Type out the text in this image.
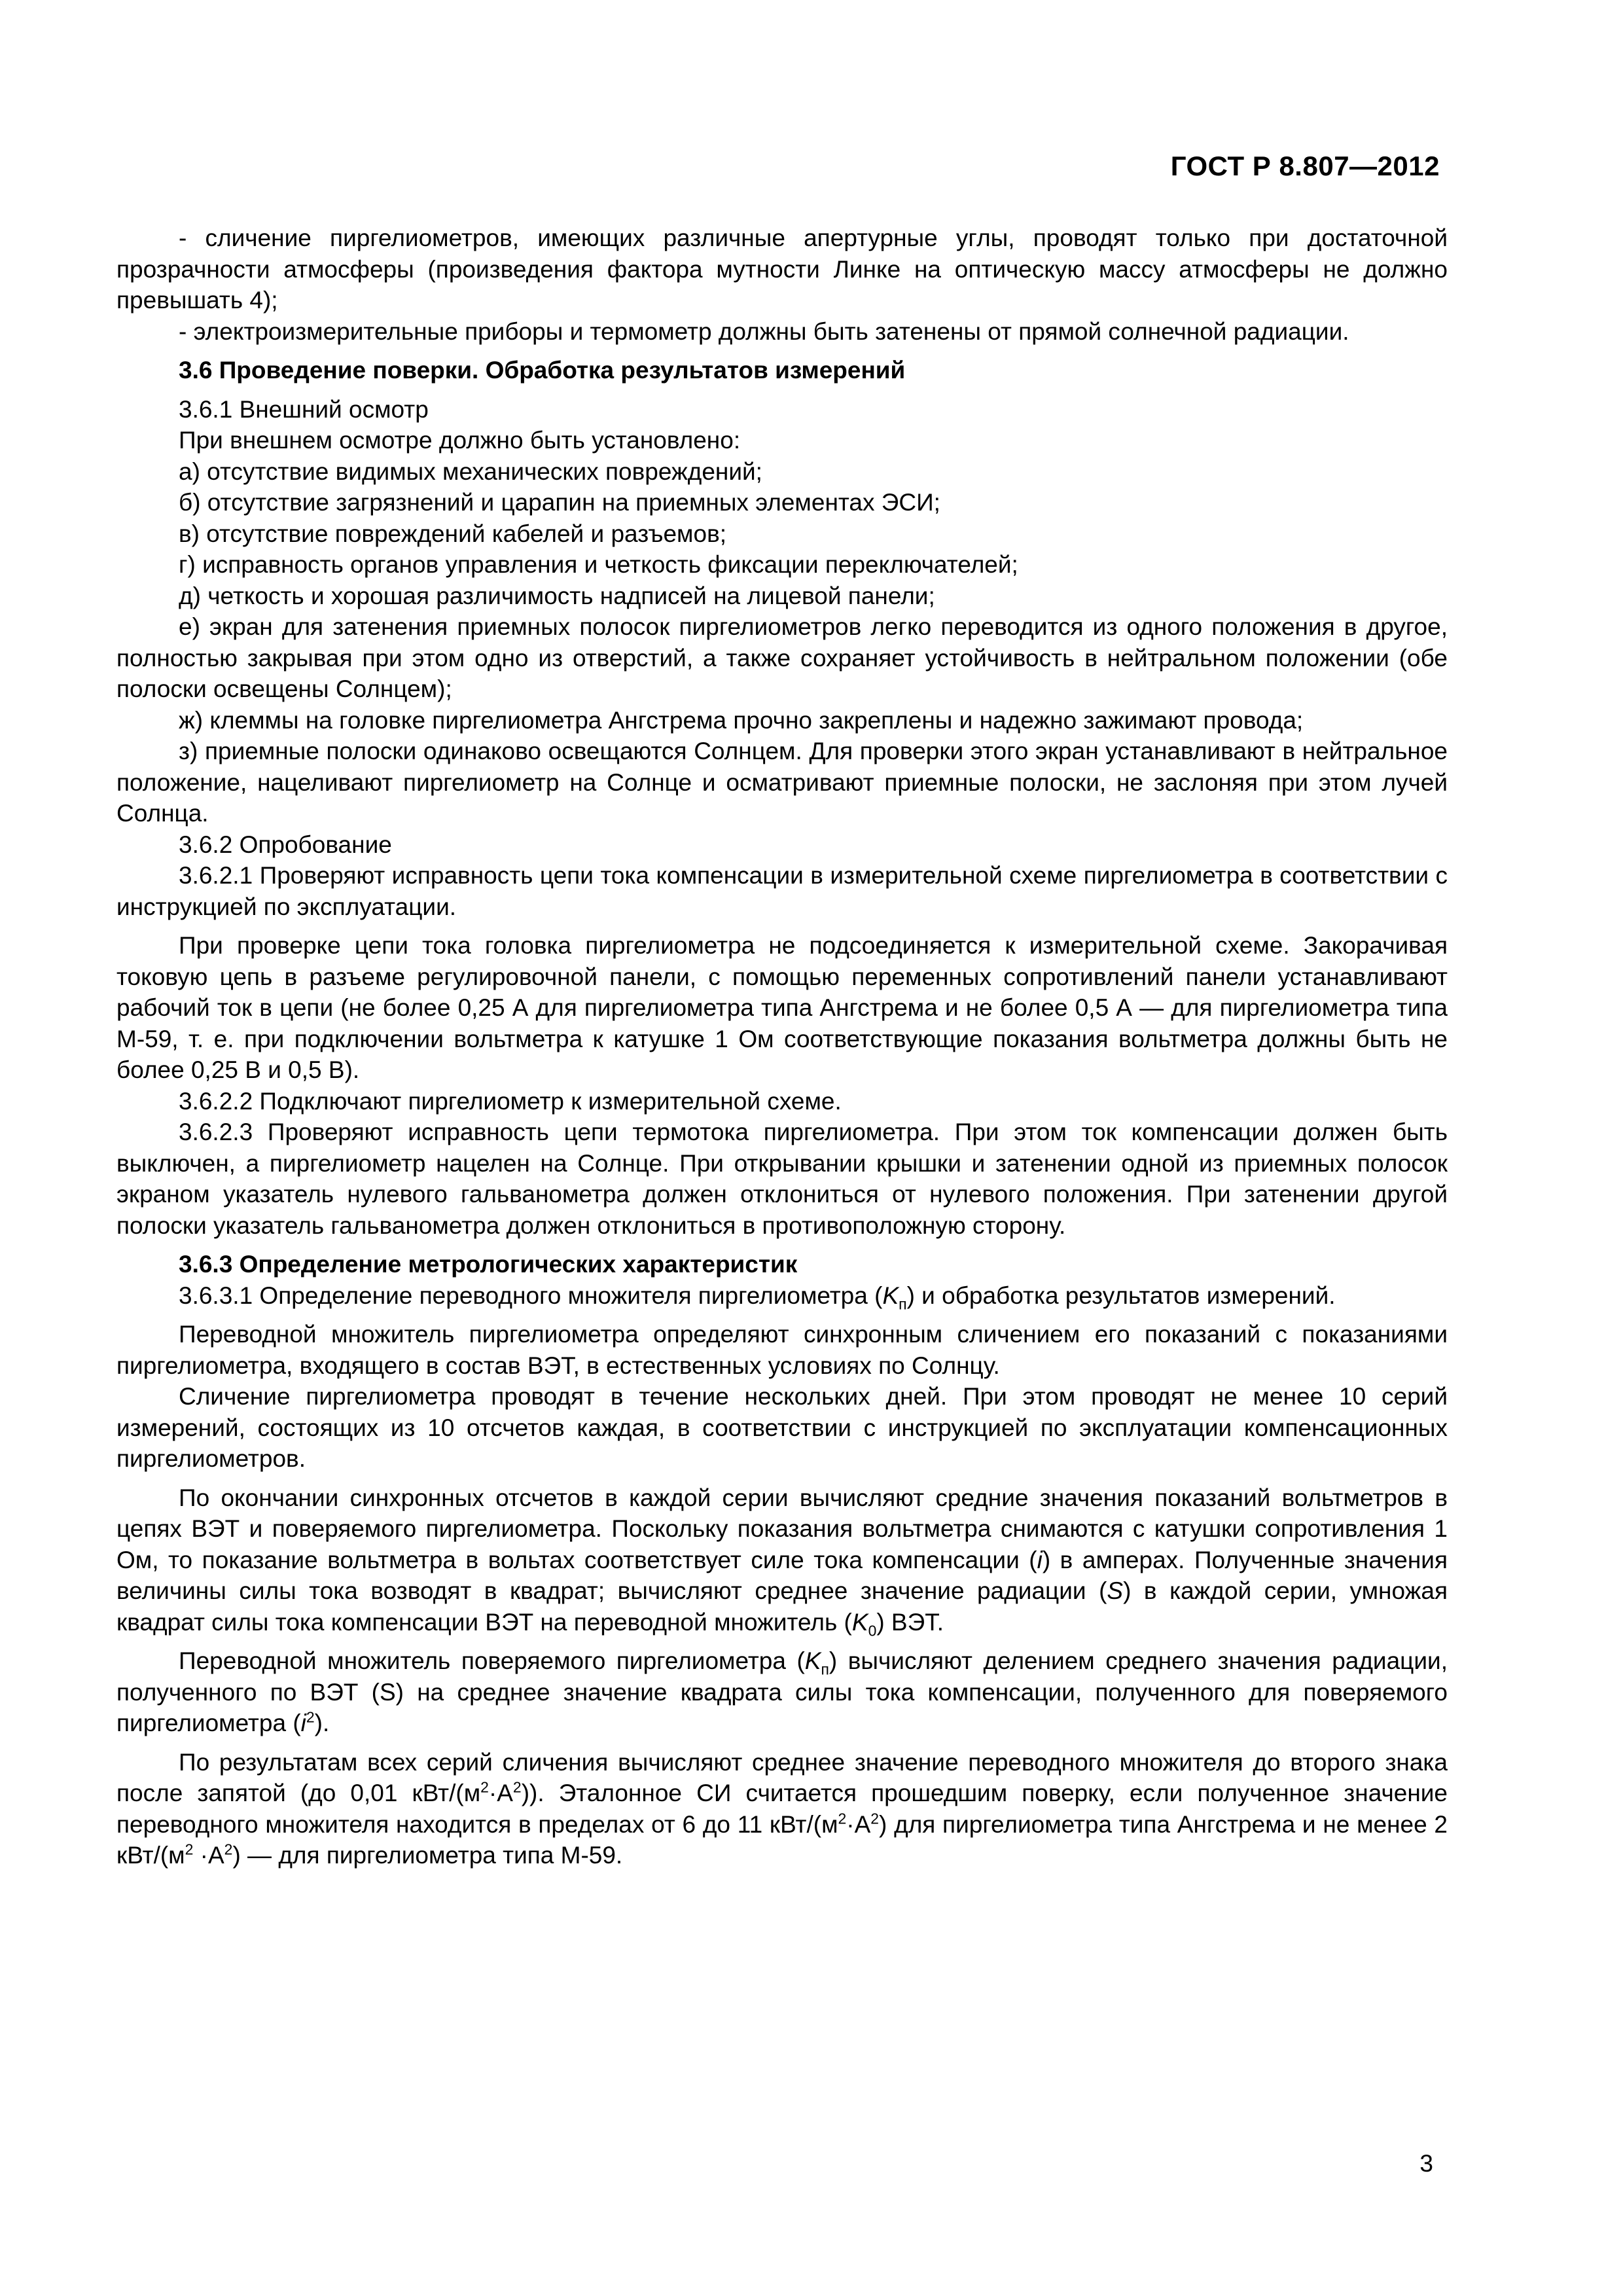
ГОСТ Р 8.807—2012

- сличение пиргелиометров, имеющих различные апертурные углы, проводят только при достаточной прозрачности атмосферы (произведения фактора мутности Линке на оптическую массу атмосферы не должно превышать 4);

- электроизмерительные приборы и термометр должны быть затенены от прямой солнечной радиации.

3.6 Проведение поверки. Обработка результатов измерений

3.6.1 Внешний осмотр

При внешнем осмотре должно быть установлено:

а) отсутствие видимых механических повреждений;

б) отсутствие загрязнений и царапин на приемных элементах ЭСИ;

в) отсутствие повреждений кабелей и разъемов;

г) исправность органов управления и четкость фиксации переключателей;

д) четкость и хорошая различимость надписей на лицевой панели;

е) экран для затенения приемных полосок пиргелиометров легко переводится из одного положения в другое, полностью закрывая при этом одно из отверстий, а также сохраняет устойчивость в нейтральном положении (обе полоски освещены Солнцем);

ж) клеммы на головке пиргелиометра Ангстрема прочно закреплены и надежно зажимают провода;

з) приемные полоски одинаково освещаются Солнцем. Для проверки этого экран устанавливают в нейтральное положение, нацеливают пиргелиометр на Солнце и осматривают приемные полоски, не заслоняя при этом лучей Солнца.

3.6.2 Опробование

3.6.2.1 Проверяют исправность цепи тока компенсации в измерительной схеме пиргелиометра в соответствии с инструкцией по эксплуатации.

При проверке цепи тока головка пиргелиометра не подсоединяется к измерительной схеме. Закорачивая токовую цепь в разъеме регулировочной панели, с помощью переменных сопротивлений панели устанавливают рабочий ток в цепи (не более 0,25 А для пиргелиометра типа Ангстрема и не более 0,5 А — для пиргелиометра типа М-59, т. е. при подключении вольтметра к катушке 1 Ом соответствующие показания вольтметра должны быть не более 0,25 В и 0,5 В).

3.6.2.2 Подключают пиргелиометр к измерительной схеме.

3.6.2.3 Проверяют исправность цепи термотока пиргелиометра. При этом ток компенсации должен быть выключен, а пиргелиометр нацелен на Солнце. При открывании крышки и затенении одной из приемных полосок экраном указатель нулевого гальванометра должен отклониться от нулевого положения. При затенении другой полоски указатель гальванометра должен отклониться в противоположную сторону.

3.6.3 Определение метрологических характеристик

3.6.3.1 Определение переводного множителя пиргелиометра $(K_п)$ и обработка результатов измерений.

Переводной множитель пиргелиометра определяют синхронным сличением его показаний с показаниями пиргелиометра, входящего в состав ВЭТ, в естественных условиях по Солнцу.

Сличение пиргелиометра проводят в течение нескольких дней. При этом проводят не менее 10 серий измерений, состоящих из 10 отсчетов каждая, в соответствии с инструкцией по эксплуатации компенсационных пиргелиометров.

По окончании синхронных отсчетов в каждой серии вычисляют средние значения показаний вольтметров в цепях ВЭТ и поверяемого пиргелиометра. Поскольку показания вольтметра снимаются с катушки сопротивления 1 Ом, то показание вольтметра в вольтах соответствует силе тока компенсации (i) в амперах. Полученные значения величины силы тока возводят в квадрат; вычисляют среднее значение радиации (S) в каждой серии, умножая квадрат силы тока компенсации ВЭТ на переводной множитель $(K_0)$ ВЭТ.

Переводной множитель поверяемого пиргелиометра $(K_п)$ вычисляют делением среднего значения радиации, полученного по ВЭТ (S) на среднее значение квадрата силы тока компенсации, полученного для поверяемого пиргелиометра $(i^2)$.

По результатам всех серий сличения вычисляют среднее значение переводного множителя до второго знака после запятой (до 0,01 кВт/$(м^2\cdot А^2)$). Эталонное СИ считается прошедшим поверку, если полученное значение переводного множителя находится в пределах от 6 до 11 кВт/$(м^2\cdot А^2)$ для пиргелиометра типа Ангстрема и не менее 2 кВт/$(м^2 \cdot А^2)$ — для пиргелиометра типа М-59.

3
